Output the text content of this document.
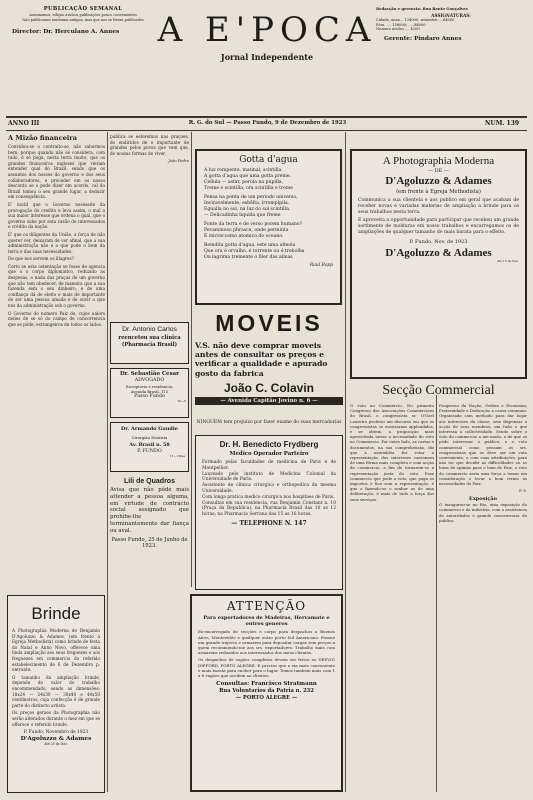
PUBLICAÇÃO SEMANAL
Assumamos, edição avulsos publicações pouco convenientes
Não publicamos nenhuma antigos, mas que nos se forem publicados
Director: Dr. Herculano A. Annes	A E'POCA
Jornal Independente
Redacção e gerencia: Rua Bento Gonçalves
ASSIGNATURAS:
Cidade, anno....12$000; semestre.....6$000
Fóra, .... 15$000; .....8$000
Numero avulso .... $200
Gerente: Pindaro Annes
ANNO III	R. G. do Sul — Passo Fundo, 9 de Dezembro de 1923	NUM. 139
A Mizão financeira

Convidou-se o contraíto-se, não sabermos bem, porque quando não se considera, com tudo, é se pega, nesta terra muito, que os grandes financeiros inglezes que vieram entender qual do Brazil, sendo que os assuntos dos nossos do governo e dos seus collaboradores, e proceder em os nosso desconto se o pode dizer em acordo, cal do Brazil tomou o seu grande lugar, a deduzir em consequência.

E' inutil que o Governo necessite da prorogação do credito e leva assim, o mal a sua maior interesse que ordena o qual, que o governo sabe por esta razão de interessados e crédito da nação.

E' que os diligentes da União, a força de não querer ver, deixaram de ver afinal, que a sua administração não é a que pode o bem da terra e das suas necessidades.

De que nos servem os illagres?

Certo se esta ostentação se fosse de agencia que o o corpo diplomatico, reduzido as despesas, o nada das praças de um governo que não tem obedecer, de maneira que a sua fazenda sem o seu dinheiro, e de uma confiança dá de eleito e mais de importante de ser uma pessoa amada e de ouvir o que nos da administração sob o governo.

O Governo do numero Paiz de, cujos ualors meios de se só do campo de concorrencia que se póde, estrangeiros de todos os lados.

Brinde

A Photographia Moderna de Benjamin D'Agoluzzo & Adames, (em frente à Egreja Methodista) como brinde de festa do Natal e Anno Novo, offerece uma linda ampliação aos seus freguezes e aos freguezes em commercio do referido estabelecimento de 6 de Dezembro p. entrante.

O tamanho da ampliação brinde, depende do valor do trabalho encommendado, sendo as dimensões: 18x24 — 24x30 — 30x40 e 40x50 centímetros, cuja confecção é de grande parte do distincto artista.

Os preços geraes da Photographia não serão alterados durante o mez em que se offerece o referido brinde.

P. Fundo, Novembro de 1923
D'Agoluzzo & Adames
Até 25 de Dez.

publica se esteremus nas praçoes, do endiridos de o importante de grandes pelos povos que vem que, de nossas formas de viver.

João Pedro
Dr. Antonio Carlos
reencetou sua clinica
(Pharmacia Brasil)
Dr. Sebastião Cesar
ADVOGADO
Escriptorio e residencia:
Avenida Brasil, 115
Passo Fundo
10—6
Dr. Armando Gaudie
Cirurgião Dentista
Av. Brasil n. 58
P. FUNDO
11—10tes
Lili de Quadros

Avisa que não póde mais attender a pessoa alguma, em virtude de contracto social assignado que prohibe-lhe terminantemente dar fiança ou aval.

Passo Fundo, 25 de Junho de 1923.

Gotta d'agua
A luz rompente, matinal, scintilla
A gotta d'agua que uma gotta preme.
Cellula — astar, perola na pupilla,
Treme e scintilla, ora scintilla e treme
Pensa na ponta de um periodo universo,
Inviravelmente, esbêlta, irrompípila.
Egualla no sol, na luz do sol scintilla,
— Delicadinha liquida que freme
Fonte da terra e de verso porem humano?
Pecaminoso phrasca, onde perminta
E microcosmo atomico do oceano.
Bemdita gotta d'agua, este uma alteola
Que ora é orvalho, é torrente ou é trebolha
Ou lagrima tremente o filer das almas
Raul Bopp
MOVEIS

V.S. não deve comprar moveis antes de consultar os preços e verificar a qualidade e apurado gosto da fabrica

João C. Colavin
— Avenida Capitão Jovino n. 6 —
NINGUEM tem prejuizo por fazer exame do suas mercadorias
Dr. H. Benedicto Frydberg
Medico Operador Parteiro

Formado pelas faculdades de medicina de Paris e de Montpellier.

Laureado pelo instituto de Medicina Colonial da Universidade de Paris.

Assistente de clinica cirurgica e orthopedica da mesma Universidade.

Com longa pratica medico cirurgica nos hospitaes de Paris.

Consultas em sua residencia, rua Benjamin Constant n. 10 (Praça da Republica), na Pharmacia Brasil das 10 as 12 horas; na Pharmacia Serrana das 15 as 16 horas.

— TELEPHONE N. 147
ATTENÇÃO
Para exportadores de Madeiras, Hervamate e outros generos

Ex-encarregado de secções e corpo para despachos a Buenos Aires, Montevidéo e qualquer outro porto Sul Americano. Possuo um grande trajecto e armazem para depositar cargas sem preços a quem recommendo-me aos srs. exportadores. Trabalho mais com armazens reduzidos aos interessados dos meus clientes.

Os despachos de vagões completos devem ser feitos ao DESVIO DIFFORD, PORTO ALEGRE. E preciso que a via mais conveniente e mais barata para encher para o lugar. Temos também mais com 1 a 6 vagões que acodem ao clientes.

Consultas: Francisco Stratmann
Rua Voluntarios da Patria n. 232
— PORTO ALEGRE —
A Photographia Moderna
— DE —
D'Agoluzzo & Adames
(em frente à Egreja Methodista)

Communica a sua clientela e aos publico em geral que acabam de receber novas e variadas materias de ampliação a brinde para os seus trabalhos nesta terra.

E aproveita a opportunidade para participar que recebeu um grande sortimento de molduras em nosso trabalhos e encarregamos os de ampliações de qualquer tamanho de mais barata para o effeito.

P. Fundo, Nov. de 1923
D'Agoluzzo & Adames
Até 15 de Dez.
Secção Commercial

O voto no Commercio. No primeiro Congresso das Associações Commerciaes do Brasil, o congressista sr. O'Goel Loureiro proferio um discurso em que os congressistas se mostraram applaudidos, e se obtem, a proposição mais aproveitada nessa a necessidade do voto no Commercio. Por outro lado, as cartas e documentos, na sua comprehensão, diz que a assembléa fez votar a representação dos interesses nacionaes de uma fórma mais completa e com acção do commercio, a fim de tornarem-se a representação justa do voto. Esse commercio que pede o voto, que paga os impostos e fica sem a representação, é que o fazendo-se o senhor as de uma deliberação, é mais de tudo a força dos seus serviços.

Progresso da Nação; Ordem e Economia; Fraternidade e Dedicação a causa commum. Organisado com methodo para dar logar aos interesses da classe, sem dispensar a acção de seus membros, em tudo o que interessa a collectividade. Sendo sobre o voto do commercio a um modo, o de que se póde interessar o publico, e o voto commercial como pensam os srs. congressistas que se deve ser um voto conveniente, e com suas attribuições, para não ter que decidir as difficuldades ou as lutas de opinião para o bem do Paiz, o voto do commercio seria uma força a tomar em consideração e levar a bom termo as necessidades do Paiz.

P. S.
Exposição

O inaugurou-se no Rio, uma exposição do commercio e da industria, com a assistencia de autoridades e grande concorrencia do publico.
